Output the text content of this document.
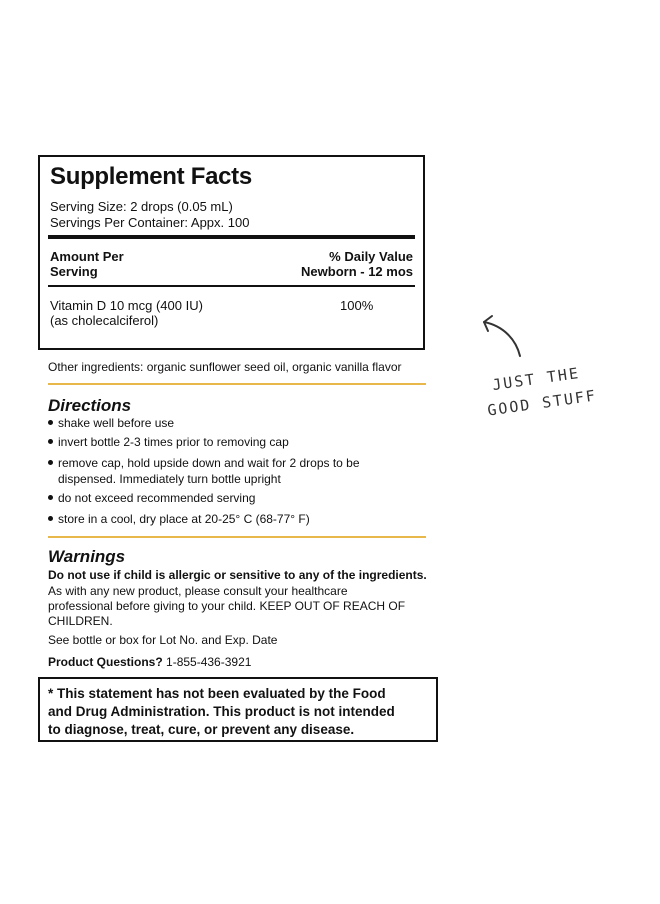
Supplement Facts
Serving Size: 2 drops (0.05 mL)
Servings Per Container: Appx. 100
Amount Per
Serving
% Daily Value
Newborn - 12 mos
Vitamin D 10 mcg (400 IU)
(as cholecalciferol)
100%
Other ingredients: organic sunflower seed oil, organic vanilla flavor
Directions
shake well before use
invert bottle 2-3 times prior to removing cap
remove cap, hold upside down and wait for 2 drops to be
dispensed. Immediately turn bottle upright
do not exceed recommended serving
store in a cool, dry place at 20-25° C (68-77° F)
Warnings
Do not use if child is allergic or sensitive to any of the ingredients.
As with any new product, please consult your healthcare
professional before giving to your child. KEEP OUT OF REACH OF
CHILDREN.
See bottle or box for Lot No. and Exp. Date
Product Questions? 1-855-436-3921
* This statement has not been evaluated by the Food
and Drug Administration. This product is not intended
to diagnose, treat, cure, or prevent any disease.
JUST THE
GOOD STUFF
